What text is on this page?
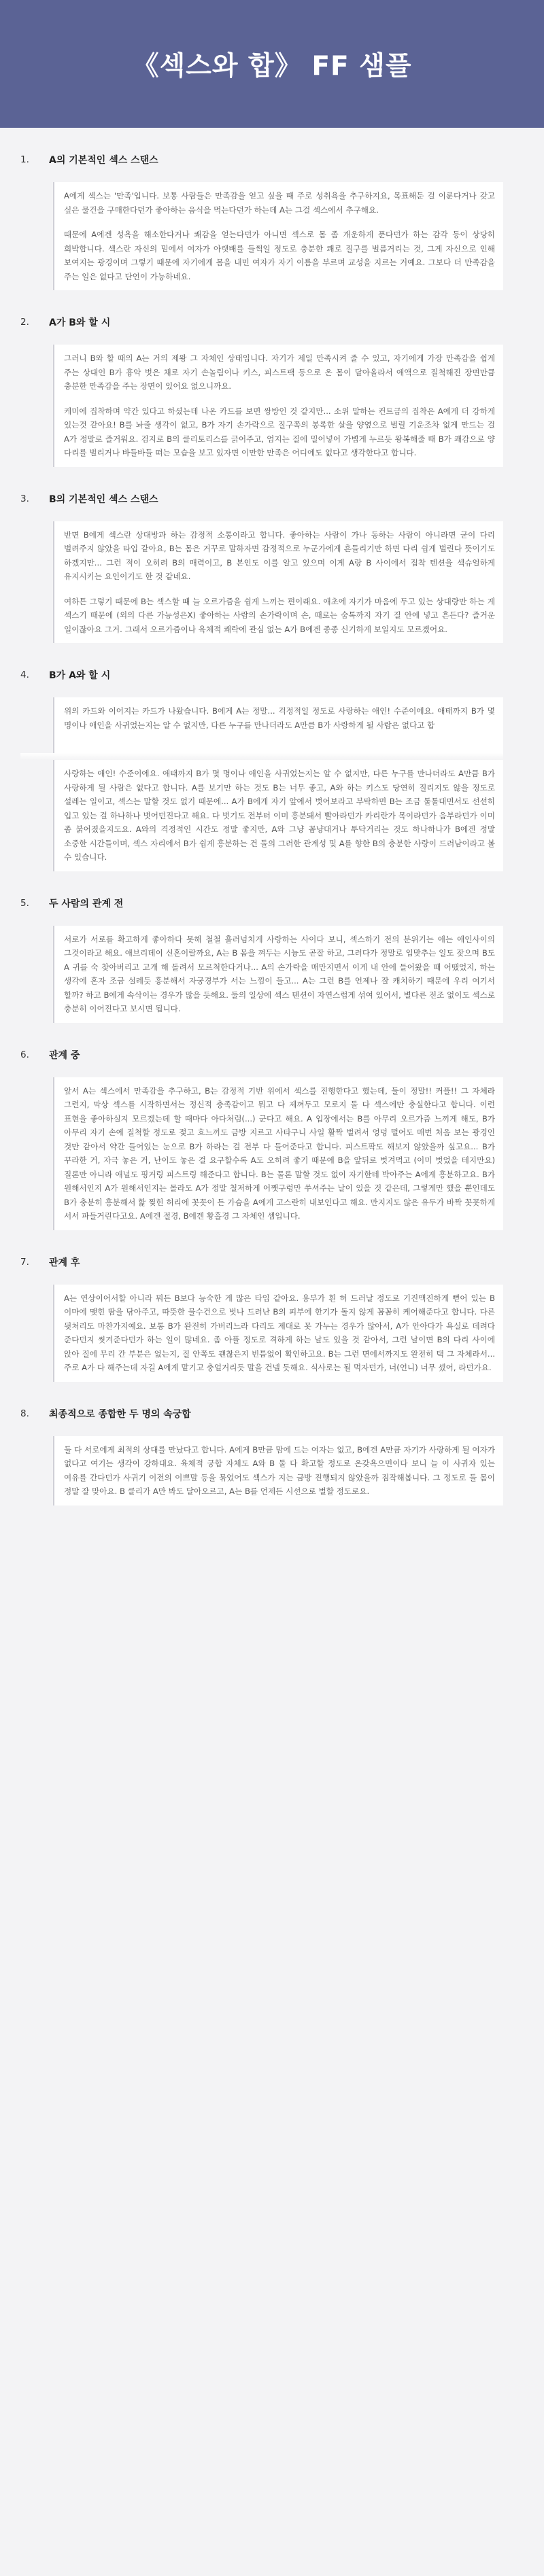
《섹스와 합》 FF 샘플
1.	A의 기본적인 섹스 스탠스

A에게 섹스는 '만족'입니다. 보통 사람들은 만족감을 얻고 싶을 때 주로 성취욕을 추구하지요, 목표해둔 걸 이룬다거나 갖고 싶은 물건을 구매한다던가 좋아하는 음식을 먹는다던가 하는데 A는 그걸 섹스에서 추구해요.

때문에 A에겐 성욕을 해소한다거나 쾌감을 얻는다던가 아니면 섹스로 몸 좀 개운하게 푼다던가 하는 감각 등이 상당히 희박합니다. 섹스란 자신의 밑에서 여자가 아랫배를 들썩일 정도로 충분한 쾌로 질구를 벌름거리는 것, 그게 자신으로 인해 보여지는 광경이며 그렇기 때문에 자기에게 몸을 내민 여자가 자기 이름을 부르며 교성을 지르는 거예요. 그보다 더 만족감을 주는 일은 없다고 단언이 가능하네요.

2.	A가 B와 할 시

그러니 B와 할 때의 A는 거의 제왕 그 자체인 상태입니다. 자기가 제일 만족시켜 줄 수 있고, 자기에게 가장 만족감을 쉽게 주는 상대인 B가 흉악 벗은 채로 자기 손놀림이나 키스, 피스트팩 등으로 온 몸이 달아올라서 애액으로 질척해진 장면만큼 충분한 만족감을 주는 장면이 있어요 없으니까요.

케미에 집착하며 약간 있다고 하셨는데 나온 카드를 보면 쌍방인 것 같지만... 소위 말하는 컨트금의 집착은 A에게 더 강하게 있는것 같아요! B를 놔줄 생각이 없고, B가 자기 손가락으로 질구쪽의 봉록한 살을 양옆으로 벌릴 기운조차 없게 만드는 걸 A가 정말로 즐거워요. 검지로 B의 클리토리스를 긁어주고, 엄지는 질에 밀어넣어 가볍게 누르듯 왕복해줄 때 B가 쾌감으로 양 다리를 벌리거나 바들바들 떠는 모습을 보고 있자면 이만한 만족은 어디에도 없다고 생각한다고 합니다.

3.	B의 기본적인 섹스 스탠스

반면 B에게 섹스란 상대방과 하는 감정적 소통이라고 합니다. 좋아하는 사람이 가나 동하는 사람이 아니라면 굳이 다리 벌려주지 않았을 타입 같아요, B는 몸은 거꾸로 말하자면 감정적으로 누군가에게 흔들리기만 하면 다리 쉽게 벌린다 뜻이기도 하겠지만... 그런 적이 오히려 B의 매력이고, B 본인도 이를 알고 있으며 이게 A랑 B 사이에서 집착 텐션을 섹슈얼하게 유지시키는 요인이기도 한 것 같네요.

여하튼 그렇기 때문에 B는 섹스할 때 늘 오르가즘을 쉽게 느끼는 편이래요. 애초에 자기가 마음에 두고 있는 상대랑만 하는 게 섹스기 때문에 (외의 다른 가능성은X) 좋아하는 사람의 손가락이며 손, 때로는 숨톡까지 자기 질 안에 넣고 흔든다? 즐거운 일이잖아요 그거. 그래서 오르가즘이나 육체적 쾌락에 관심 없는 A가 B에겐 종종 신기하게 보일지도 모르겠어요.

4.	B가 A와 할 시

위의 카드와 이어지는 카드가 나왔습니다. B에게 A는 정말... 걱정적일 정도로 사랑하는 애인! 수준이에요. 애태까지 B가 몇 명이나 애인을 사귀었는지는 알 수 없지만, 다른 누구를 만나더라도 A만큼 B가 사랑하게 될 사람은 없다고 합

사랑하는 애인! 수준이에요. 애태까지 B가 몇 명이나 애인을 사귀었는지는 알 수 없지만, 다른 누구를 만나더라도 A만큼 B가 사랑하게 될 사람은 없다고 합니다. A를 보기만 하는 것도 B는 너무 좋고, A와 하는 키스도 당연히 질리지도 않을 정도로 설레는 일이고, 섹스는 말할 것도 없기 때문에... A가 B에게 자기 앞에서 벗어보라고 부탁하면 B는 조금 툴툴대면서도 선선히 입고 있는 걸 하나하나 벗어던진다고 해요. 다 벗기도 전부터 이미 흥분돼서 빨아라던가 카리란가 목이라던가 음부라던가 이미 좀 붉어졌을지도요. A와의 격정적인 시간도 정말 좋지만, A와 그냥 꼼냥대거나 투닥거리는 것도 하나하나가 B에겐 정말 소중한 시간들이며, 섹스 자리에서 B가 쉽게 흥분하는 건 둘의 그러한 관계성 및 A를 향한 B의 충분한 사랑이 드러남이라고 볼 수 있습니다.

5.	두 사람의 관계 전

서로가 서로를 확고하게 좋아하다 못해 철철 흘러넘치게 사랑하는 사이다 보니, 섹스하기 전의 분위기는 애는 애인사이의 그것이라고 해요. 애브리데이 신혼이랄까요, A는 B 몸을 껴두는 시늉도 곧잘 하고, 그러다가 정말로 입맞추는 일도 잦으며 B도 A 귀를 숙 찾아버리고 고개 해 돌려서 모르척한다거나... A의 손가락을 매만지면서 이게 내 안에 들어왔을 때 어땠었지, 하는 생각에 혼자 조금 설레듯 흥분해서 자궁경부가 서는 느낌이 들고... A는 그런 B를 언제나 잘 캐치하기 때문에 우리 여기서 할까? 하고 B에게 속삭이는 경우가 많을 듯해요. 둘의 일상에 섹스 텐션이 자연스럽게 섞여 있어서, 별다른 전조 없이도 섹스로 충분히 이어진다고 보시면 됩니다.

6.	관계 중

앞서 A는 섹스에서 만족감을 추구하고, B는 감정적 기반 위에서 섹스를 진행한다고 했는데, 둘이 정말!! 커플!! 그 자체라 그런지, 막상 섹스를 시작하면서는 정신적 충족감이고 뭐고 다 제껴두고 모로지 둘 다 섹스에만 충실한다고 합니다. 이런 표현을 좋아하실지 모르겠는데 할 때마다 아다처럼(...) 군다고 해요. A 입장에서는 B를 아무리 오르가즘 느끼게 해도, B가 아무리 자기 손에 질척할 정도로 젖고 흐느끼도 금방 지르고 사타구니 사일 활짝 벌려서 엉덩 떨어도 매번 처음 보는 광경인 것만 같아서 약간 들어있는 눈으로 B가 하라는 걸 전부 다 들어준다고 합니다. 피스트팍도 해보지 않았을까 싶고요... B가 꾸라한 거, 자극 놓은 거, 난이도 놓은 걸 요구할수록 A도 오히려 좋기 때문에 B을 앞뒤로 벗겨먹고 (이미 벗었을 테지만요) 질론만 아니라 애널도 핑거링 피스트링 해준다고 합니다. B는 물론 말할 것도 없이 자기한테 박아주는 A에게 흥분하고요. B가 원해서인지 A가 원해서인지는 몰라도 A가 정말 철저하게 어쨋구렁만 쑤셔주는 날이 있을 것 같은데, 그렇게만 했을 뿐인데도 B가 충분히 흥분해서 핥 찢힌 허리에 꼿꼿이 든 가슴을 A에게 고스란히 내보인다고 해요. 만지지도 않은 유두가 바짝 꼿꼿하게 서서 파들거린다고요. A에겐 절경, B에겐 황홀경 그 자체인 셈입니다.

7.	관계 후

A는 연상이어서할 아니라 뭐든 B보다 능숙한 게 많은 타입 같아요. 용부가 흰 허 드러날 정도로 기진맥진하게 뻗어 있는 B 이마에 맺힌 땀을 닦아주고, 따뜻한 물수건으로 벗나 드러난 B의 피부에 한기가 돌지 않게 꼼꼼히 케어해준다고 합니다. 다른 뒷처리도 마찬가지예요. 보통 B가 완전히 가버리느라 다리도 제대로 못 가누는 경우가 많아서, A가 안아다가 욕실로 데려다 준다던지 씻겨준다던가 하는 일이 많네요. 좀 아플 정도로 격하게 하는 날도 있을 것 같아서, 그런 날이면 B의 다리 사이에 앉아 질에 무리 간 부분은 없는지, 질 안쪽도 괜찮은지 빈틈없이 확인하고요. B는 그런 면에서까지도 완전히 택 그 자체라서... 주로 A가 다 해주는데 자길 A에게 맡기고 충얼거리듯 말을 건넬 듯해요. 식사로는 될 먹자던가, 너(언니) 너무 셌어, 라던가요.

8.	최종적으로 종합한 두 명의 속궁합

둘 다 서로에게 최적의 상대를 만났다고 합니다. A에게 B만큼 맘에 드는 여자는 없고, B에겐 A만큼 자기가 사랑하게 될 여자가 없다고 여기는 생각이 강하대요. 육체적 궁합 자체도 A와 B 둘 다 확고할 정도로 온갖욕으면이다 보니 늘 이 사귀자 있는 여유를 간다던가 사귀기 이전의 이쁘말 등을 묶었어도 섹스가 지는 금방 진행되지 않았을까 짐작해봅니다. 그 정도로 둘 몸이 정말 잘 맞아요. B 클리가 A만 봐도 달아오르고, A는 B를 언제든 시선으로 벌할 정도로요.
